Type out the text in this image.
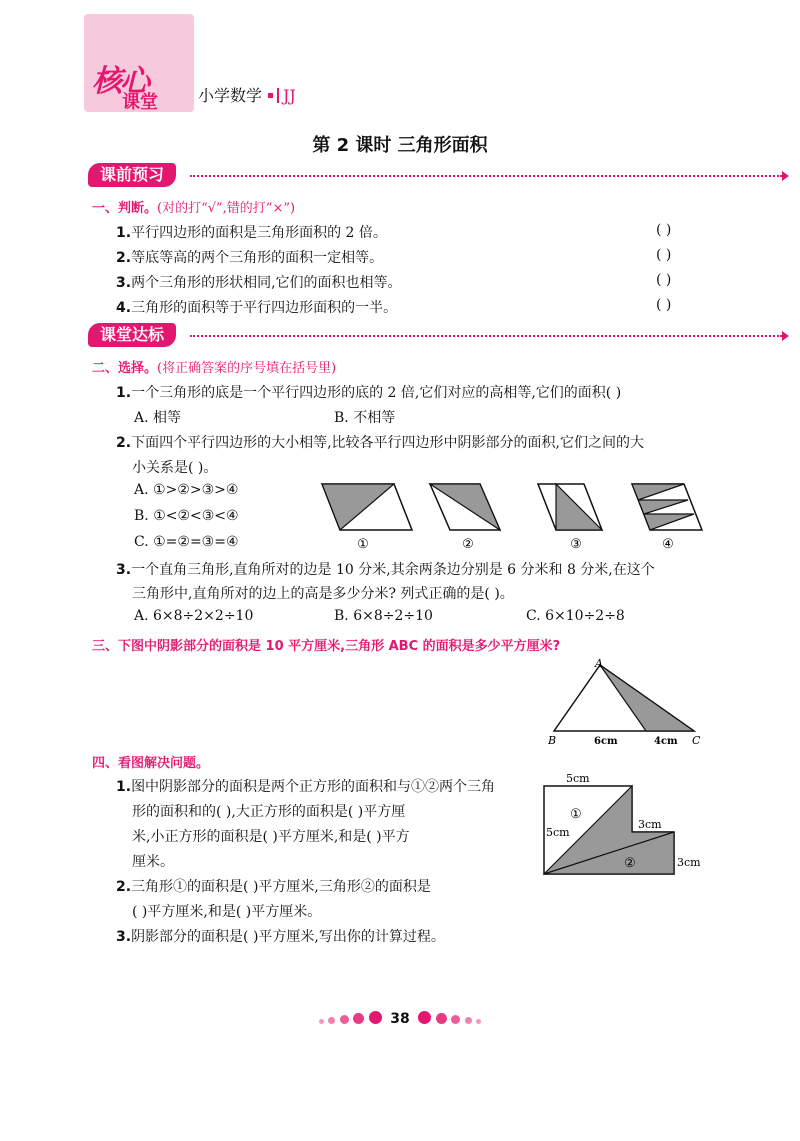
核心
课堂	小学数学 JJ
第 2 课时 三角形面积
课前预习
一、判断。(对的打“√”,错的打“×”)
1.平行四边形的面积是三角形面积的 2 倍。	( )
2.等底等高的两个三角形的面积一定相等。	( )
3.两个三角形的形状相同,它们的面积也相等。	( )
4.三角形的面积等于平行四边形面积的一半。	( )
课堂达标
二、选择。(将正确答案的序号填在括号里)
1.一个三角形的底是一个平行四边形的底的 2 倍,它们对应的高相等,它们的面积( )
A. 相等	B. 不相等
2.下面四个平行四边形的大小相等,比较各平行四边形中阴影部分的面积,它们之间的大
小关系是( )。
A. ①>②>③>④
B. ①<②<③<④
C. ①=②=③=④	①	②	③	④
3.一个直角三角形,直角所对的边是 10 分米,其余两条边分别是 6 分米和 8 分米,在这个
三角形中,直角所对的边上的高是多少分米? 列式正确的是( )。
A. 6×8÷2×2÷10	B. 6×8÷2÷10	C. 6×10÷2÷8
三、下图中阴影部分的面积是 10 平方厘米,三角形 ABC 的面积是多少平方厘米?
A
B	C
6cm	4cm
四、看图解决问题。
1.图中阴影部分的面积是两个正方形的面积和与①②两个三角
形的面积和的( ),大正方形的面积是( )平方厘
米,小正方形的面积是( )平方厘米,和是( )平方
厘米。
2.三角形①的面积是( )平方厘米,三角形②的面积是
( )平方厘米,和是( )平方厘米。
3.阴影部分的面积是( )平方厘米,写出你的计算过程。
5cm
5cm
3cm
3cm
①
②
38
